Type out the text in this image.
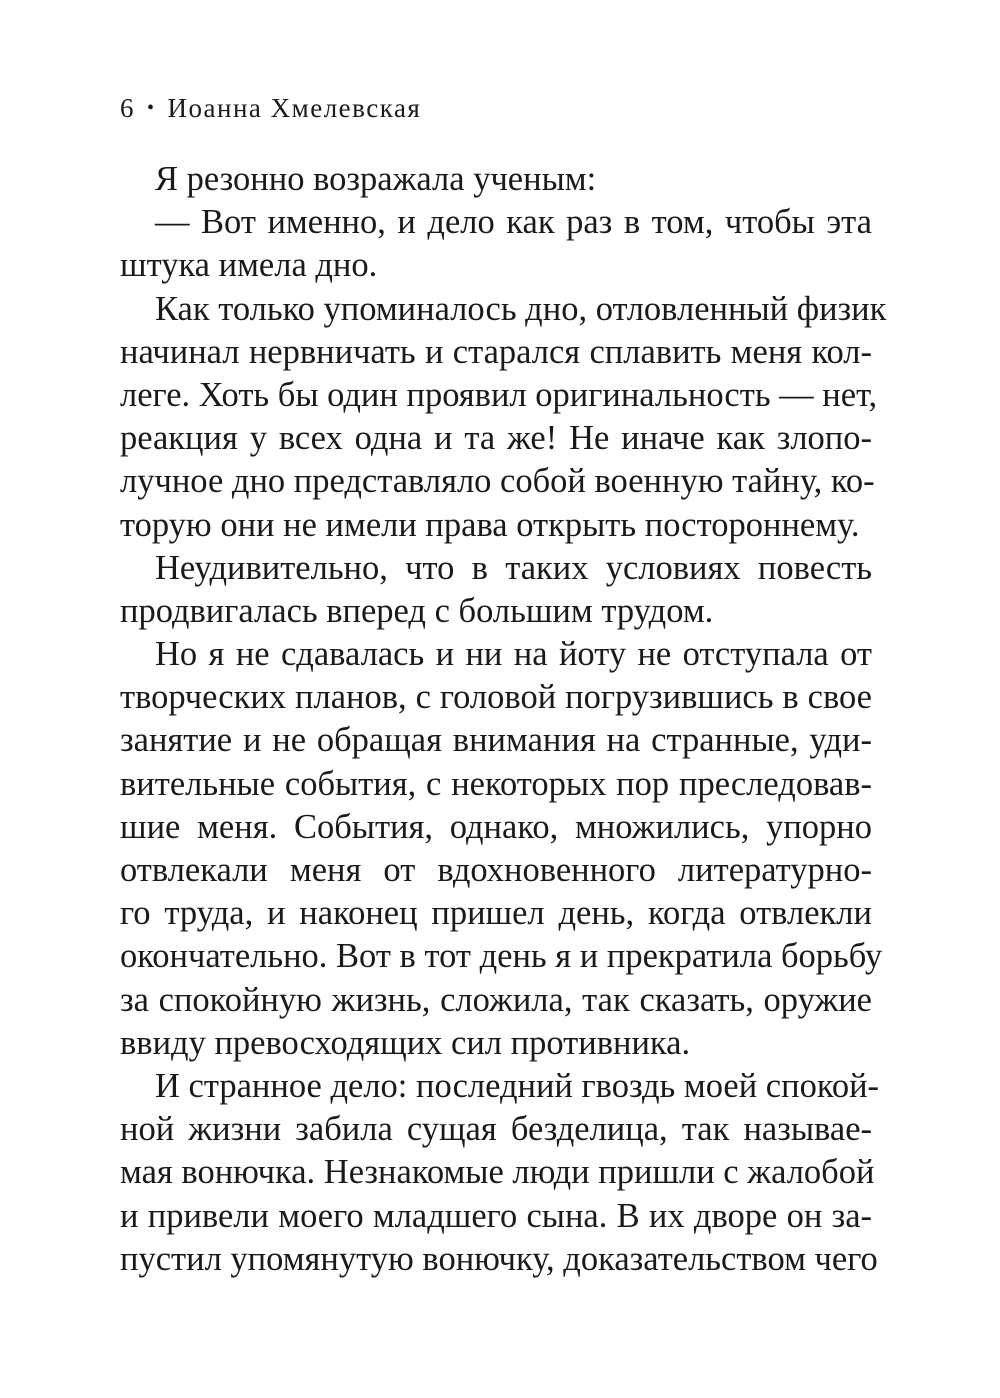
6 • Иоанна Хмелевская
Я резонно возражала ученым:
— Вот именно, и дело как раз в том, чтобы эта
штука имела дно.
Как только упоминалось дно, отловленный физик
начинал нервничать и старался сплавить меня кол-
леге. Хоть бы один проявил оригинальность — нет,
реакция у всех одна и та же! Не иначе как злопо-
лучное дно представляло собой военную тайну, ко-
торую они не имели права открыть постороннему.
Неудивительно, что в таких условиях повесть
продвигалась вперед с большим трудом.
Но я не сдавалась и ни на йоту не отступала от
творческих планов, с головой погрузившись в свое
занятие и не обращая внимания на странные, уди-
вительные события, с некоторых пор преследовав-
шие меня. События, однако, множились, упорно
отвлекали меня от вдохновенного литературно-
го труда, и наконец пришел день, когда отвлекли
окончательно. Вот в тот день я и прекратила борьбу
за спокойную жизнь, сложила, так сказать, оружие
ввиду превосходящих сил противника.
И странное дело: последний гвоздь моей спокой-
ной жизни забила сущая безделица, так называе-
мая вонючка. Незнакомые люди пришли с жалобой
и привели моего младшего сына. В их дворе он за-
пустил упомянутую вонючку, доказательством чего
